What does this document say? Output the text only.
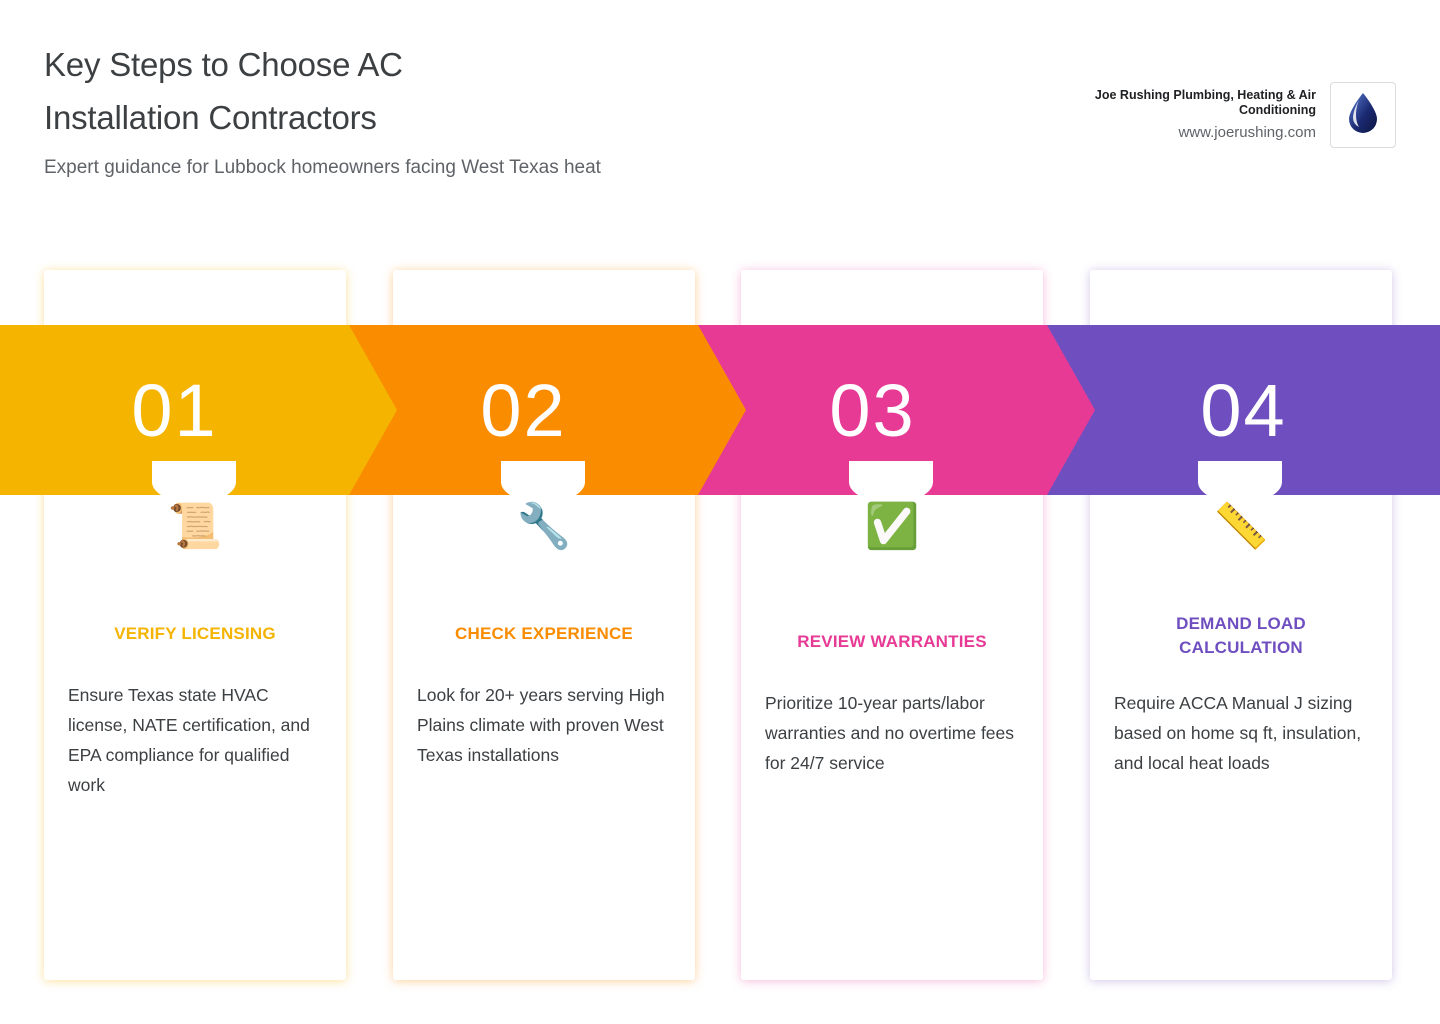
Key Steps to Choose AC
Installation Contractors
Expert guidance for Lubbock homeowners facing West Texas heat
Joe Rushing Plumbing, Heating & Air Conditioning
www.joerushing.com
📜
VERIFY LICENSING
Ensure Texas state HVAC license, NATE certification, and EPA compliance for qualified work
🔧
CHECK EXPERIENCE
Look for 20+ years serving High Plains climate with proven West Texas installations
✅
REVIEW WARRANTIES
Prioritize 10-year parts/labor warranties and no overtime fees for 24/7 service
📏
DEMAND LOAD CALCULATION
Require ACCA Manual J sizing based on home sq ft, insulation, and local heat loads
01	02	03	04
